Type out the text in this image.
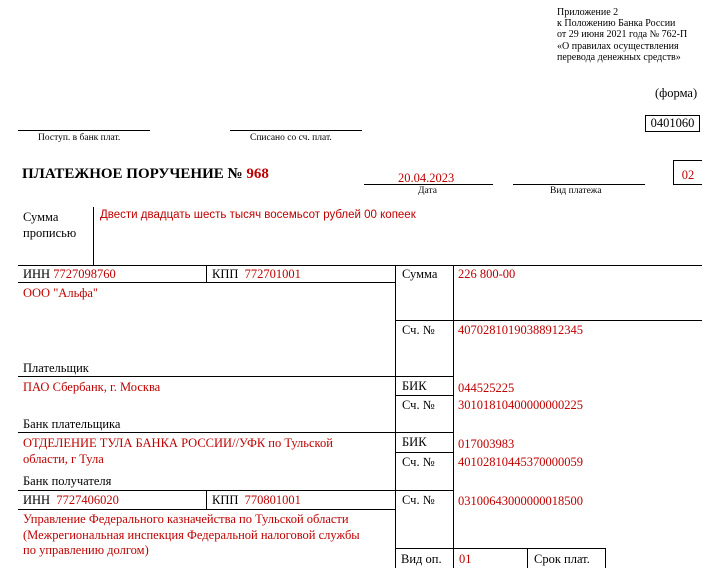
Приложение 2
к Положению Банка России
от 29 июня 2021 года № 762-П
«О правилах осуществления
перевода денежных средств»
(форма)
0401060
Поступ. в банк плат.	Списано со сч. плат.
ПЛАТЕЖНОЕ ПОРУЧЕНИЕ № 968	20.04.2023
Дата	Вид платежа
02
Сумма
прописью
Двести двадцать шесть тысяч восемьсот рублей 00 копеек
ИНН 7727098760	КПП 772701001	Сумма 226 800-00
ООО "Альфа"
Плательщик
Сч. № 40702810190388912345
ПАО Сбербанк, г. Москва
Банк плательщика
БИК	044525225
Сч. № 30101810400000000225
ОТДЕЛЕНИЕ ТУЛА БАНКА РОССИИ//УФК по Тульской
области, г Тула
Банк получателя
БИК	017003983
Сч. № 40102810445370000059
ИНН 7727406020	КПП 770801001	Сч. № 03100643000000018500
Управление Федерального казначейства по Тульской области
(Межрегиональная инспекция Федеральной налоговой службы
по управлению долгом)
Вид оп. 01	Срок плат.
